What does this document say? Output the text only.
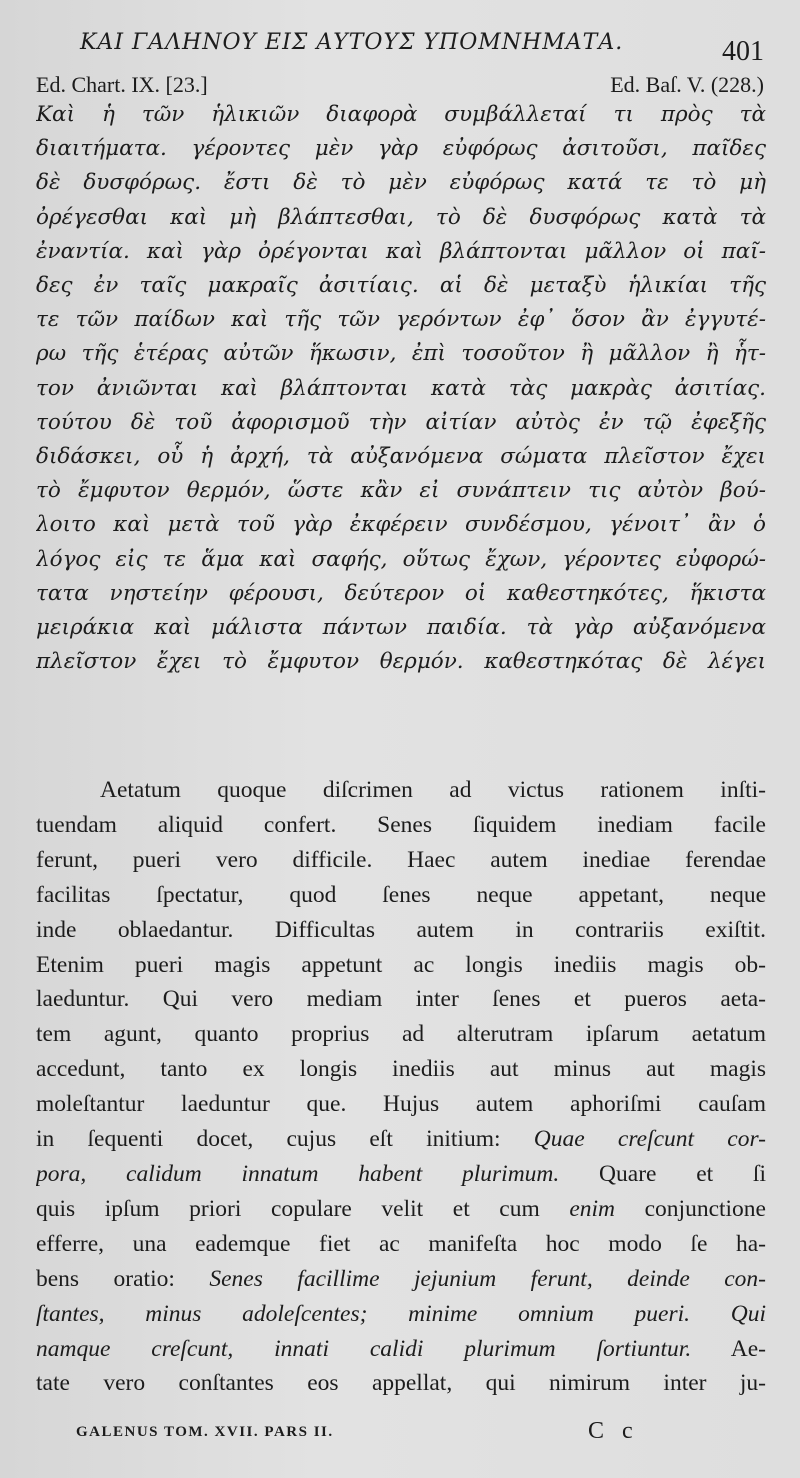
ΚΑΙ ΓΑΛΗΝΟΥ ΕΙΣ ΑΥΤΟΥΣ ΥΠΟΜΝΗΜΑΤΑ.	401
Ed. Chart. IX. [23.]	Ed. Baſ. V. (228.)
Καὶ ἡ τῶν ἡλικιῶν διαφορὰ συμβάλλεταί τι πρὸς τὰ
διαιτήματα. γέροντες μὲν γὰρ εὐφόρως ἀσιτοῦσι, παῖδες
δὲ δυσφόρως. ἔστι δὲ τὸ μὲν εὐφόρως κατά τε τὸ μὴ
ὀρέγεσθαι καὶ μὴ βλάπτεσθαι, τὸ δὲ δυσφόρως κατὰ τὰ
ἐναντία. καὶ γὰρ ὀρέγονται καὶ βλάπτονται μᾶλλον οἱ παῖ-
δες ἐν ταῖς μακραῖς ἀσιτίαις. αἱ δὲ μεταξὺ ἡλικίαι τῆς
τε τῶν παίδων καὶ τῆς τῶν γερόντων ἐφ᾽ ὅσον ἂν ἐγγυτέ-
ρω τῆς ἑτέρας αὐτῶν ἥκωσιν, ἐπὶ τοσοῦτον ἢ μᾶλλον ἢ ἧτ-
τον ἀνιῶνται καὶ βλάπτονται κατὰ τὰς μακρὰς ἀσιτίας.
τούτου δὲ τοῦ ἀφορισμοῦ τὴν αἰτίαν αὐτὸς ἐν τῷ ἐφεξῆς
διδάσκει, οὗ ἡ ἀρχή, τὰ αὐξανόμενα σώματα πλεῖστον ἔχει
τὸ ἔμφυτον θερμόν, ὥστε κἂν εἰ συνάπτειν τις αὐτὸν βού-
λοιτο καὶ μετὰ τοῦ γὰρ ἐκφέρειν συνδέσμου, γένοιτ᾽ ἂν ὁ
λόγος εἰς τε ἅμα καὶ σαφής, οὕτως ἔχων, γέροντες εὐφορώ-
τατα νηστείην φέρουσι, δεύτερον οἱ καθεστηκότες, ἥκιστα
μειράκια καὶ μάλιστα πάντων παιδία. τὰ γὰρ αὐξανόμενα
πλεῖστον ἔχει τὸ ἔμφυτον θερμόν. καθεστηκότας δὲ λέγει
Aetatum quoque diſcrimen ad victus rationem inſti-
tuendam aliquid confert. Senes ſiquidem inediam facile
ferunt, pueri vero difficile. Haec autem inediae ferendae
facilitas ſpectatur, quod ſenes neque appetant, neque
inde oblaedantur. Difficultas autem in contrariis exiſtit.
Etenim pueri magis appetunt ac longis inediis magis ob-
laeduntur. Qui vero mediam inter ſenes et pueros aeta-
tem agunt, quanto proprius ad alterutram ipſarum aetatum
accedunt, tanto ex longis inediis aut minus aut magis
moleſtantur laeduntur que. Hujus autem aphoriſmi cauſam
in ſequenti docet, cujus eſt initium: Quae creſcunt cor-
pora, calidum innatum habent plurimum. Quare et ſi
quis ipſum priori copulare velit et cum enim conjunctione
efferre, una eademque fiet ac manifeſta hoc modo ſe ha-
bens oratio: Senes facillime jejunium ferunt, deinde con-
ſtantes, minus adoleſcentes; minime omnium pueri. Qui
namque creſcunt, innati calidi plurimum ſortiuntur. Ae-
tate vero conſtantes eos appellat, qui nimirum inter ju-
GALENUS TOM. XVII. PARS II.	C c
